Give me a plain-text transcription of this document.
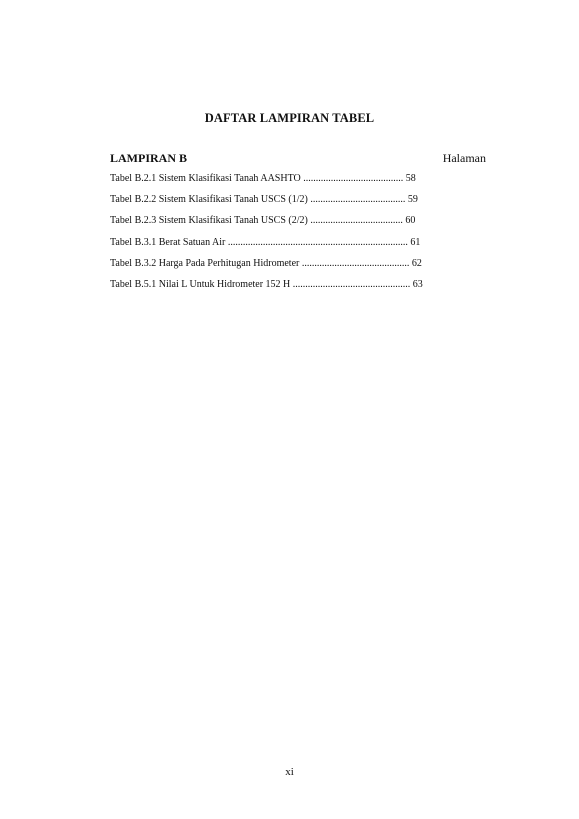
DAFTAR LAMPIRAN TABEL
LAMPIRAN B	Halaman
Tabel B.2.1 Sistem Klasifikasi Tanah AASHTO ........................................ 58
Tabel B.2.2 Sistem Klasifikasi Tanah USCS (1/2) ...................................... 59
Tabel B.2.3 Sistem Klasifikasi Tanah USCS (2/2) ..................................... 60
Tabel B.3.1 Berat Satuan Air ........................................................................ 61
Tabel B.3.2 Harga Pada Perhitugan Hidrometer ........................................... 62
Tabel B.5.1 Nilai L Untuk Hidrometer 152 H ............................................... 63
xi
